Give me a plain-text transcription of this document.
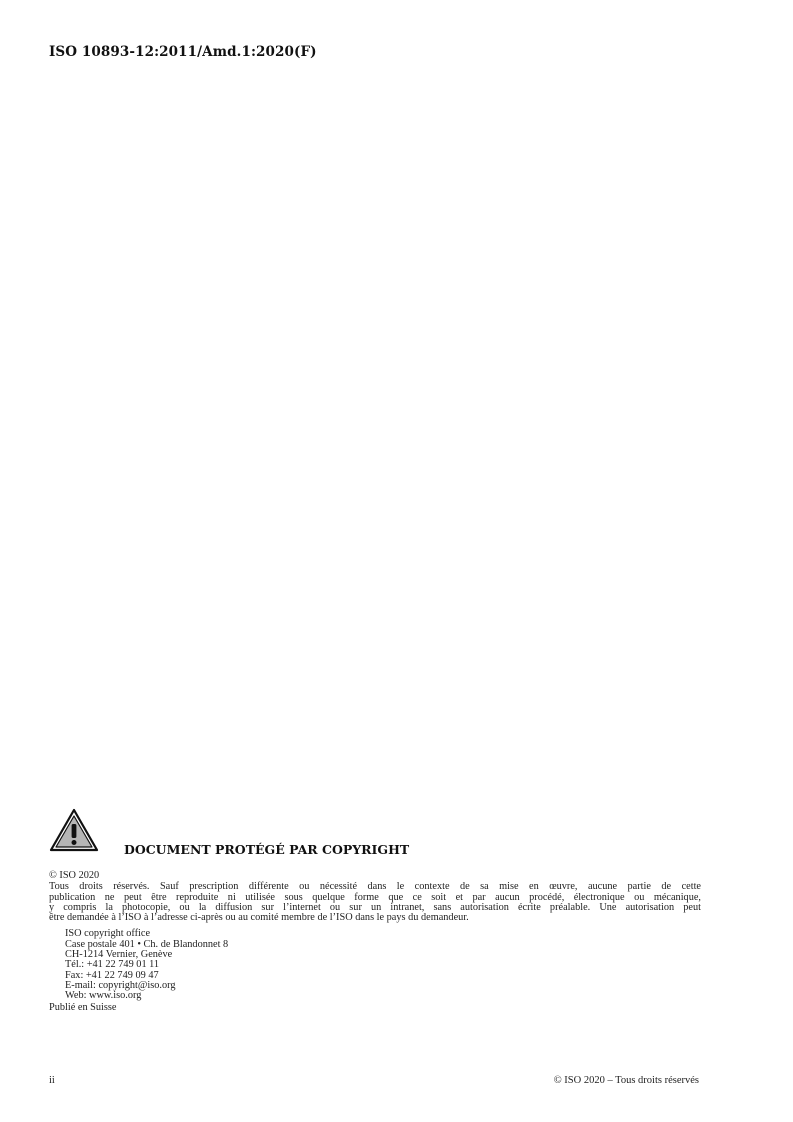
ISO 10893-12:2011/Amd.1:2020(F)
DOCUMENT PROTÉGÉ PAR COPYRIGHT
© ISO 2020
Tous droits réservés. Sauf prescription différente ou nécessité dans le contexte de sa mise en œuvre, aucune partie de cette
publication ne peut être reproduite ni utilisée sous quelque forme que ce soit et par aucun procédé, électronique ou mécanique,
y compris la photocopie, ou la diffusion sur l’internet ou sur un intranet, sans autorisation écrite préalable. Une autorisation peut
être demandée à l’ISO à l’adresse ci-après ou au comité membre de l’ISO dans le pays du demandeur.
ISO copyright office
Case postale 401 • Ch. de Blandonnet 8
CH-1214 Vernier, Genève
Tél.: +41 22 749 01 11
Fax: +41 22 749 09 47
E-mail: copyright@iso.org
Web: www.iso.org
Publié en Suisse
ii	© ISO 2020 – Tous droits réservés
